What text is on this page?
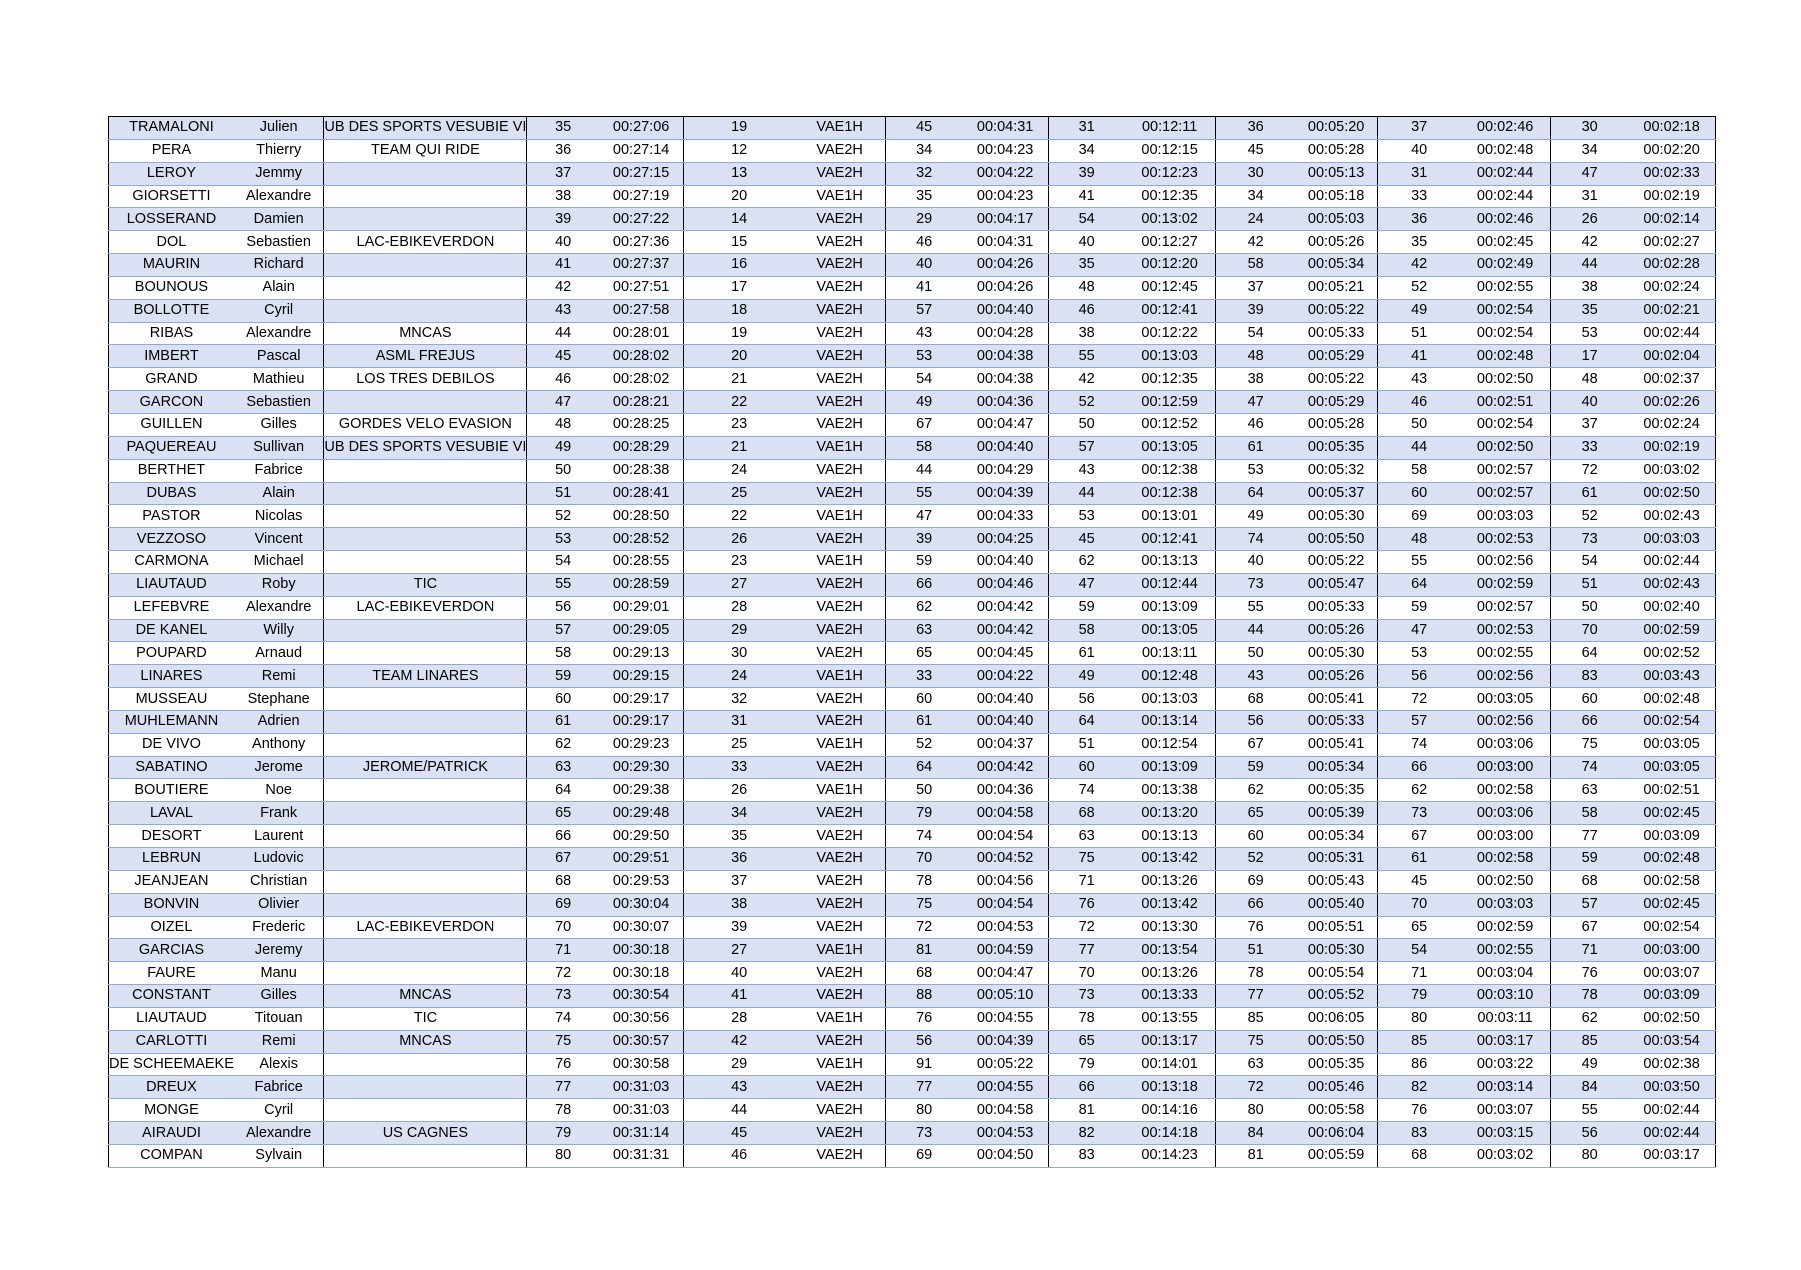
TRAMALONI	Julien	UB DES SPORTS VESUBIE VI	35	00:27:06	19	VAE1H	45	00:04:31	31	00:12:11	36	00:05:20	37	00:02:46	30	00:02:18
PERA	Thierry	TEAM QUI RIDE	36	00:27:14	12	VAE2H	34	00:04:23	34	00:12:15	45	00:05:28	40	00:02:48	34	00:02:20
LEROY	Jemmy		37	00:27:15	13	VAE2H	32	00:04:22	39	00:12:23	30	00:05:13	31	00:02:44	47	00:02:33
GIORSETTI	Alexandre		38	00:27:19	20	VAE1H	35	00:04:23	41	00:12:35	34	00:05:18	33	00:02:44	31	00:02:19
LOSSERAND	Damien		39	00:27:22	14	VAE2H	29	00:04:17	54	00:13:02	24	00:05:03	36	00:02:46	26	00:02:14
DOL	Sebastien	LAC-EBIKEVERDON	40	00:27:36	15	VAE2H	46	00:04:31	40	00:12:27	42	00:05:26	35	00:02:45	42	00:02:27
MAURIN	Richard		41	00:27:37	16	VAE2H	40	00:04:26	35	00:12:20	58	00:05:34	42	00:02:49	44	00:02:28
BOUNOUS	Alain		42	00:27:51	17	VAE2H	41	00:04:26	48	00:12:45	37	00:05:21	52	00:02:55	38	00:02:24
BOLLOTTE	Cyril		43	00:27:58	18	VAE2H	57	00:04:40	46	00:12:41	39	00:05:22	49	00:02:54	35	00:02:21
RIBAS	Alexandre	MNCAS	44	00:28:01	19	VAE2H	43	00:04:28	38	00:12:22	54	00:05:33	51	00:02:54	53	00:02:44
IMBERT	Pascal	ASML FREJUS	45	00:28:02	20	VAE2H	53	00:04:38	55	00:13:03	48	00:05:29	41	00:02:48	17	00:02:04
GRAND	Mathieu	LOS TRES DEBILOS	46	00:28:02	21	VAE2H	54	00:04:38	42	00:12:35	38	00:05:22	43	00:02:50	48	00:02:37
GARCON	Sebastien		47	00:28:21	22	VAE2H	49	00:04:36	52	00:12:59	47	00:05:29	46	00:02:51	40	00:02:26
GUILLEN	Gilles	GORDES VELO EVASION	48	00:28:25	23	VAE2H	67	00:04:47	50	00:12:52	46	00:05:28	50	00:02:54	37	00:02:24
PAQUEREAU	Sullivan	UB DES SPORTS VESUBIE VI	49	00:28:29	21	VAE1H	58	00:04:40	57	00:13:05	61	00:05:35	44	00:02:50	33	00:02:19
BERTHET	Fabrice		50	00:28:38	24	VAE2H	44	00:04:29	43	00:12:38	53	00:05:32	58	00:02:57	72	00:03:02
DUBAS	Alain		51	00:28:41	25	VAE2H	55	00:04:39	44	00:12:38	64	00:05:37	60	00:02:57	61	00:02:50
PASTOR	Nicolas		52	00:28:50	22	VAE1H	47	00:04:33	53	00:13:01	49	00:05:30	69	00:03:03	52	00:02:43
VEZZOSO	Vincent		53	00:28:52	26	VAE2H	39	00:04:25	45	00:12:41	74	00:05:50	48	00:02:53	73	00:03:03
CARMONA	Michael		54	00:28:55	23	VAE1H	59	00:04:40	62	00:13:13	40	00:05:22	55	00:02:56	54	00:02:44
LIAUTAUD	Roby	TIC	55	00:28:59	27	VAE2H	66	00:04:46	47	00:12:44	73	00:05:47	64	00:02:59	51	00:02:43
LEFEBVRE	Alexandre	LAC-EBIKEVERDON	56	00:29:01	28	VAE2H	62	00:04:42	59	00:13:09	55	00:05:33	59	00:02:57	50	00:02:40
DE KANEL	Willy		57	00:29:05	29	VAE2H	63	00:04:42	58	00:13:05	44	00:05:26	47	00:02:53	70	00:02:59
POUPARD	Arnaud		58	00:29:13	30	VAE2H	65	00:04:45	61	00:13:11	50	00:05:30	53	00:02:55	64	00:02:52
LINARES	Remi	TEAM LINARES	59	00:29:15	24	VAE1H	33	00:04:22	49	00:12:48	43	00:05:26	56	00:02:56	83	00:03:43
MUSSEAU	Stephane		60	00:29:17	32	VAE2H	60	00:04:40	56	00:13:03	68	00:05:41	72	00:03:05	60	00:02:48
MUHLEMANN	Adrien		61	00:29:17	31	VAE2H	61	00:04:40	64	00:13:14	56	00:05:33	57	00:02:56	66	00:02:54
DE VIVO	Anthony		62	00:29:23	25	VAE1H	52	00:04:37	51	00:12:54	67	00:05:41	74	00:03:06	75	00:03:05
SABATINO	Jerome	JEROME/PATRICK	63	00:29:30	33	VAE2H	64	00:04:42	60	00:13:09	59	00:05:34	66	00:03:00	74	00:03:05
BOUTIERE	Noe		64	00:29:38	26	VAE1H	50	00:04:36	74	00:13:38	62	00:05:35	62	00:02:58	63	00:02:51
LAVAL	Frank		65	00:29:48	34	VAE2H	79	00:04:58	68	00:13:20	65	00:05:39	73	00:03:06	58	00:02:45
DESORT	Laurent		66	00:29:50	35	VAE2H	74	00:04:54	63	00:13:13	60	00:05:34	67	00:03:00	77	00:03:09
LEBRUN	Ludovic		67	00:29:51	36	VAE2H	70	00:04:52	75	00:13:42	52	00:05:31	61	00:02:58	59	00:02:48
JEANJEAN	Christian		68	00:29:53	37	VAE2H	78	00:04:56	71	00:13:26	69	00:05:43	45	00:02:50	68	00:02:58
BONVIN	Olivier		69	00:30:04	38	VAE2H	75	00:04:54	76	00:13:42	66	00:05:40	70	00:03:03	57	00:02:45
OIZEL	Frederic	LAC-EBIKEVERDON	70	00:30:07	39	VAE2H	72	00:04:53	72	00:13:30	76	00:05:51	65	00:02:59	67	00:02:54
GARCIAS	Jeremy		71	00:30:18	27	VAE1H	81	00:04:59	77	00:13:54	51	00:05:30	54	00:02:55	71	00:03:00
FAURE	Manu		72	00:30:18	40	VAE2H	68	00:04:47	70	00:13:26	78	00:05:54	71	00:03:04	76	00:03:07
CONSTANT	Gilles	MNCAS	73	00:30:54	41	VAE2H	88	00:05:10	73	00:13:33	77	00:05:52	79	00:03:10	78	00:03:09
LIAUTAUD	Titouan	TIC	74	00:30:56	28	VAE1H	76	00:04:55	78	00:13:55	85	00:06:05	80	00:03:11	62	00:02:50
CARLOTTI	Remi	MNCAS	75	00:30:57	42	VAE2H	56	00:04:39	65	00:13:17	75	00:05:50	85	00:03:17	85	00:03:54
DE SCHEEMAEKE	Alexis		76	00:30:58	29	VAE1H	91	00:05:22	79	00:14:01	63	00:05:35	86	00:03:22	49	00:02:38
DREUX	Fabrice		77	00:31:03	43	VAE2H	77	00:04:55	66	00:13:18	72	00:05:46	82	00:03:14	84	00:03:50
MONGE	Cyril		78	00:31:03	44	VAE2H	80	00:04:58	81	00:14:16	80	00:05:58	76	00:03:07	55	00:02:44
AIRAUDI	Alexandre	US CAGNES	79	00:31:14	45	VAE2H	73	00:04:53	82	00:14:18	84	00:06:04	83	00:03:15	56	00:02:44
COMPAN	Sylvain		80	00:31:31	46	VAE2H	69	00:04:50	83	00:14:23	81	00:05:59	68	00:03:02	80	00:03:17
